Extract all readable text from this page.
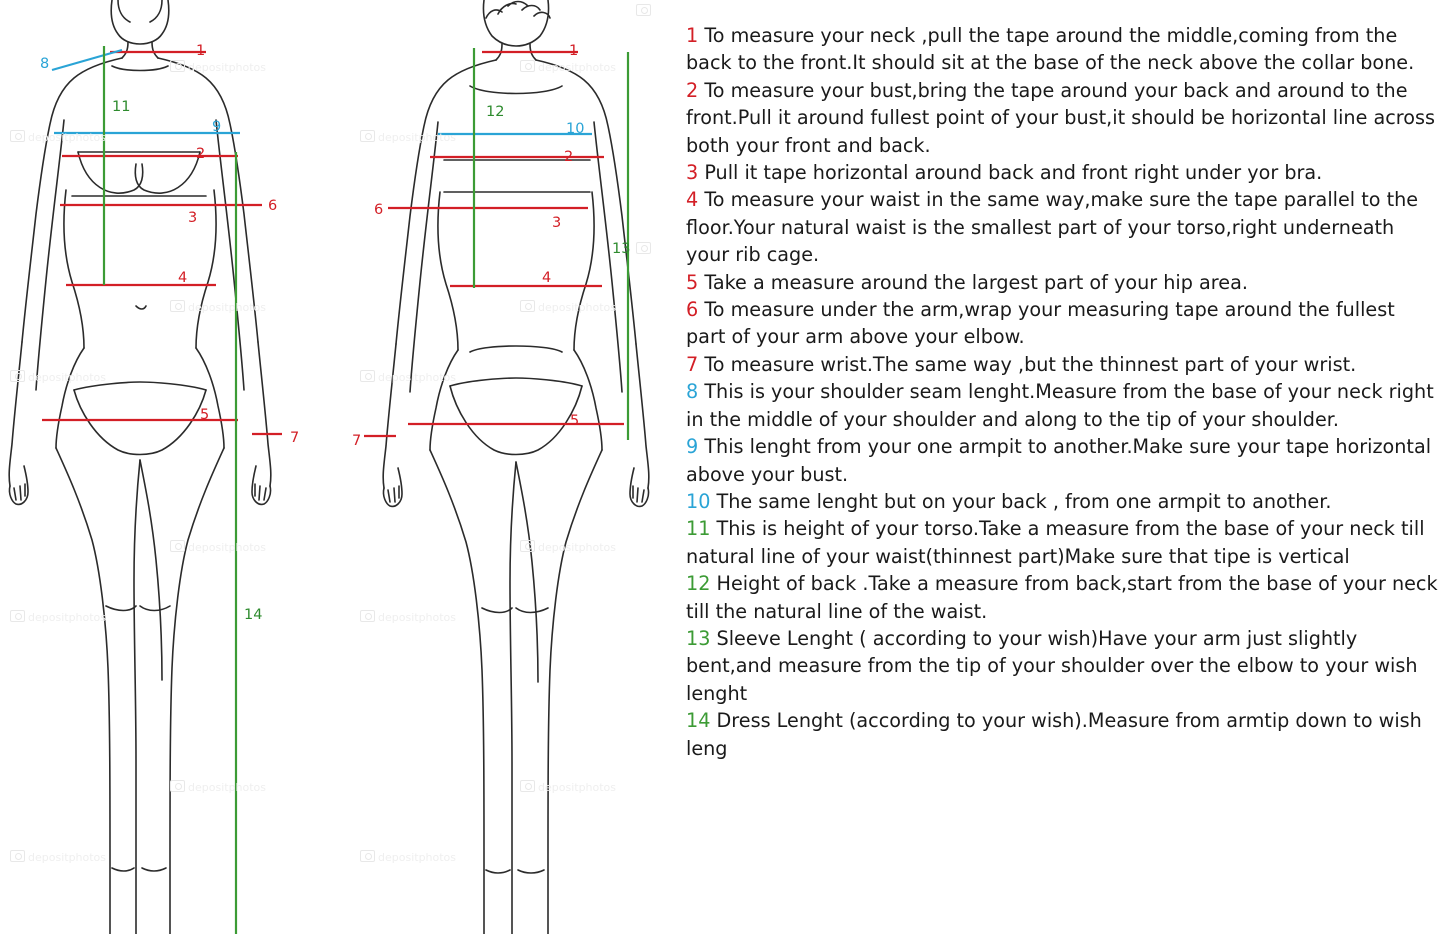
1
8
11
9
2
3
6
4
5
7
14
1
12
10
2
6
3
13
4
5
7
depositphotos
depositphotos
depositphotos
depositphotos
depositphotos	depositphotos
depositphotos	depositphotos
depositphotos	depositphotos
depositphotos	depositphotos
depositphotos	depositphotos
depositphotos	depositphotos

1 To measure your neck ,pull the tape around the middle,coming from the back to the front.It should sit at the base of the neck above the collar bone.

2 To measure your bust,bring the tape around your back and around to the front.Pull it around fullest point of your bust,it should be horizontal line across both your front and back.

3 Pull it tape horizontal around back and front right under yor bra.

4 To measure your waist in the same way,make sure the tape parallel to the floor.Your natural waist is the smallest part of your torso,right underneath your rib cage.

5 Take a measure around the largest part of your hip area.

6 To measure under the arm,wrap your measuring tape around the fullest part of your arm above your elbow.

7 To measure wrist.The same way ,but the thinnest part of your wrist.

8 This is your shoulder seam lenght.Measure from the base of your neck right in the middle of your shoulder and along to the tip of your shoulder.

9 This lenght from your one armpit to another.Make sure your tape horizontal above your bust.

10 The same lenght but on your back , from one armpit to another.

11 This is height of your torso.Take a measure from the base of your neck till natural line of your waist(thinnest part)Make sure that tipe is vertical

12 Height of back .Take a measure from back,start from the base of your neck till the natural line of the waist.

13 Sleeve Lenght ( according to your wish)Have your arm just slightly bent,and measure from the tip of your shoulder over the elbow to your wish lenght

14 Dress Lenght (according to your wish).Measure from armtip down to wish leng
